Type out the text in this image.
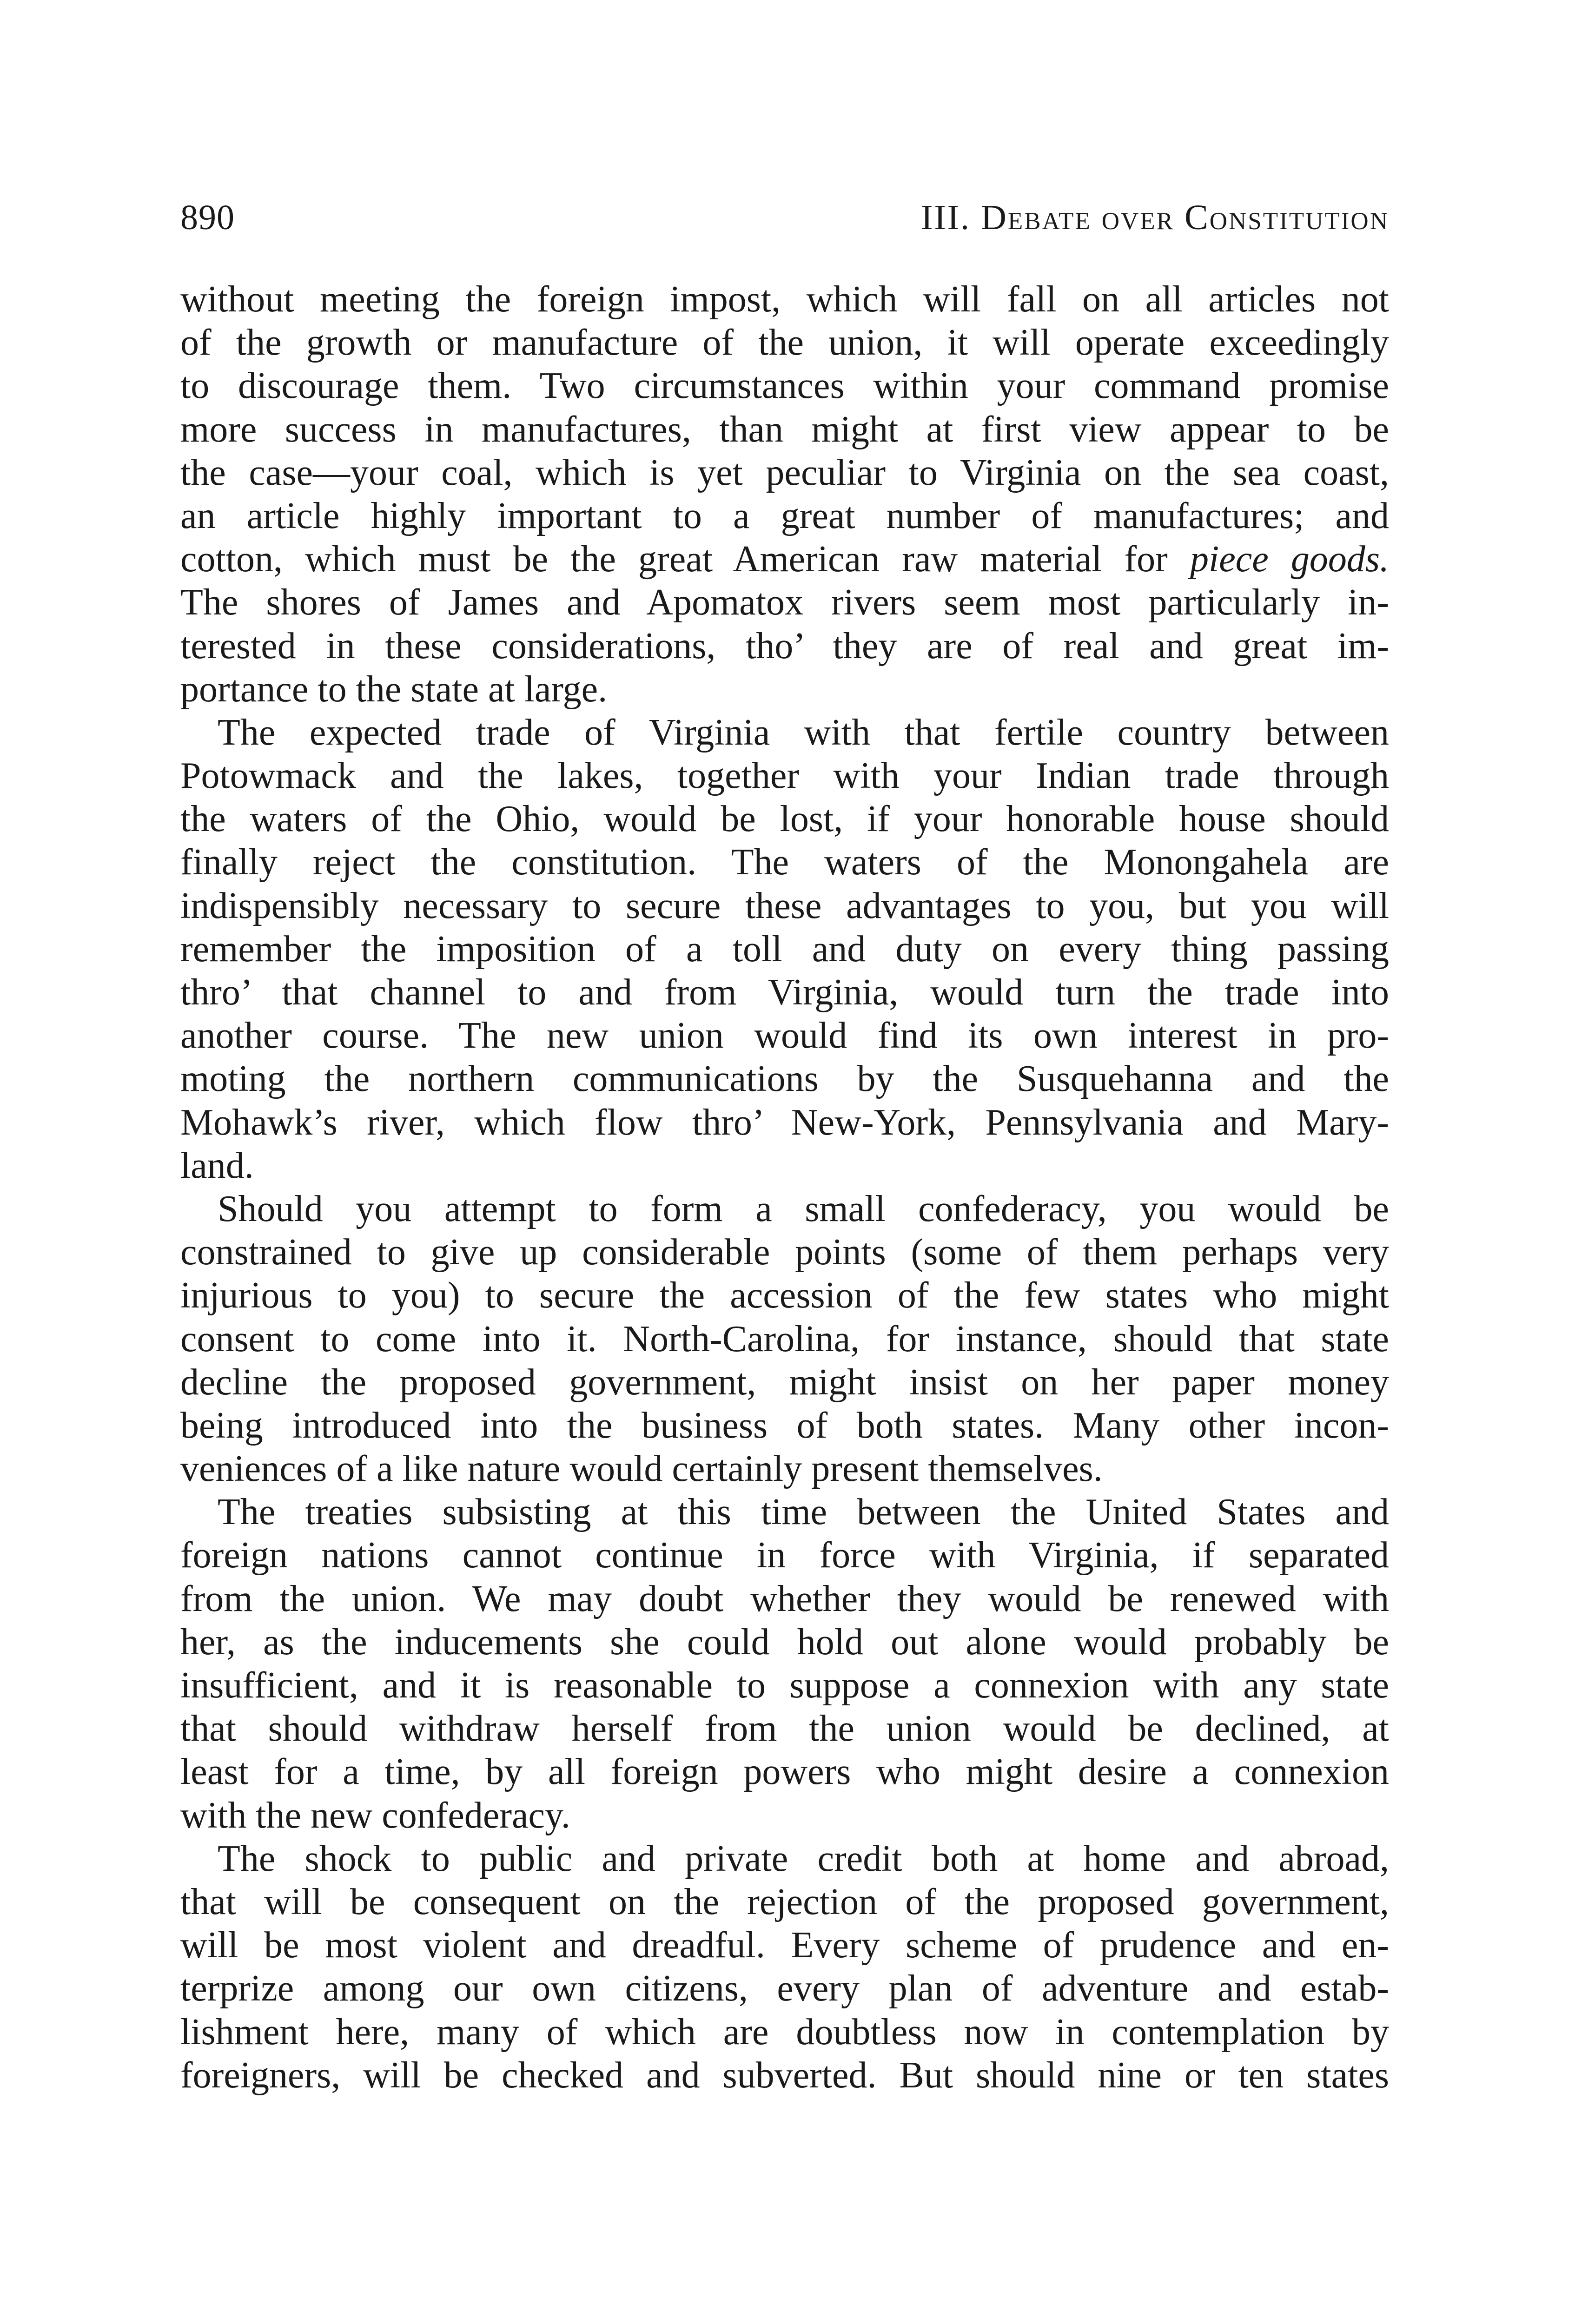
890	III. Debate over Constitution
without meeting the foreign impost, which will fall on all articles not
of the growth or manufacture of the union, it will operate exceedingly
to discourage them. Two circumstances within your command promise
more success in manufactures, than might at first view appear to be
the case—your coal, which is yet peculiar to Virginia on the sea coast,
an article highly important to a great number of manufactures; and
cotton, which must be the great American raw material for piece goods.
The shores of James and Apomatox rivers seem most particularly in-
terested in these considerations, tho’ they are of real and great im-
portance to the state at large.
The expected trade of Virginia with that fertile country between
Potowmack and the lakes, together with your Indian trade through
the waters of the Ohio, would be lost, if your honorable house should
finally reject the constitution. The waters of the Monongahela are
indispensibly necessary to secure these advantages to you, but you will
remember the imposition of a toll and duty on every thing passing
thro’ that channel to and from Virginia, would turn the trade into
another course. The new union would find its own interest in pro-
moting the northern communications by the Susquehanna and the
Mohawk’s river, which flow thro’ New-York, Pennsylvania and Mary-
land.
Should you attempt to form a small confederacy, you would be
constrained to give up considerable points (some of them perhaps very
injurious to you) to secure the accession of the few states who might
consent to come into it. North-Carolina, for instance, should that state
decline the proposed government, might insist on her paper money
being introduced into the business of both states. Many other incon-
veniences of a like nature would certainly present themselves.
The treaties subsisting at this time between the United States and
foreign nations cannot continue in force with Virginia, if separated
from the union. We may doubt whether they would be renewed with
her, as the inducements she could hold out alone would probably be
insufficient, and it is reasonable to suppose a connexion with any state
that should withdraw herself from the union would be declined, at
least for a time, by all foreign powers who might desire a connexion
with the new confederacy.
The shock to public and private credit both at home and abroad,
that will be consequent on the rejection of the proposed government,
will be most violent and dreadful. Every scheme of prudence and en-
terprize among our own citizens, every plan of adventure and estab-
lishment here, many of which are doubtless now in contemplation by
foreigners, will be checked and subverted. But should nine or ten states
